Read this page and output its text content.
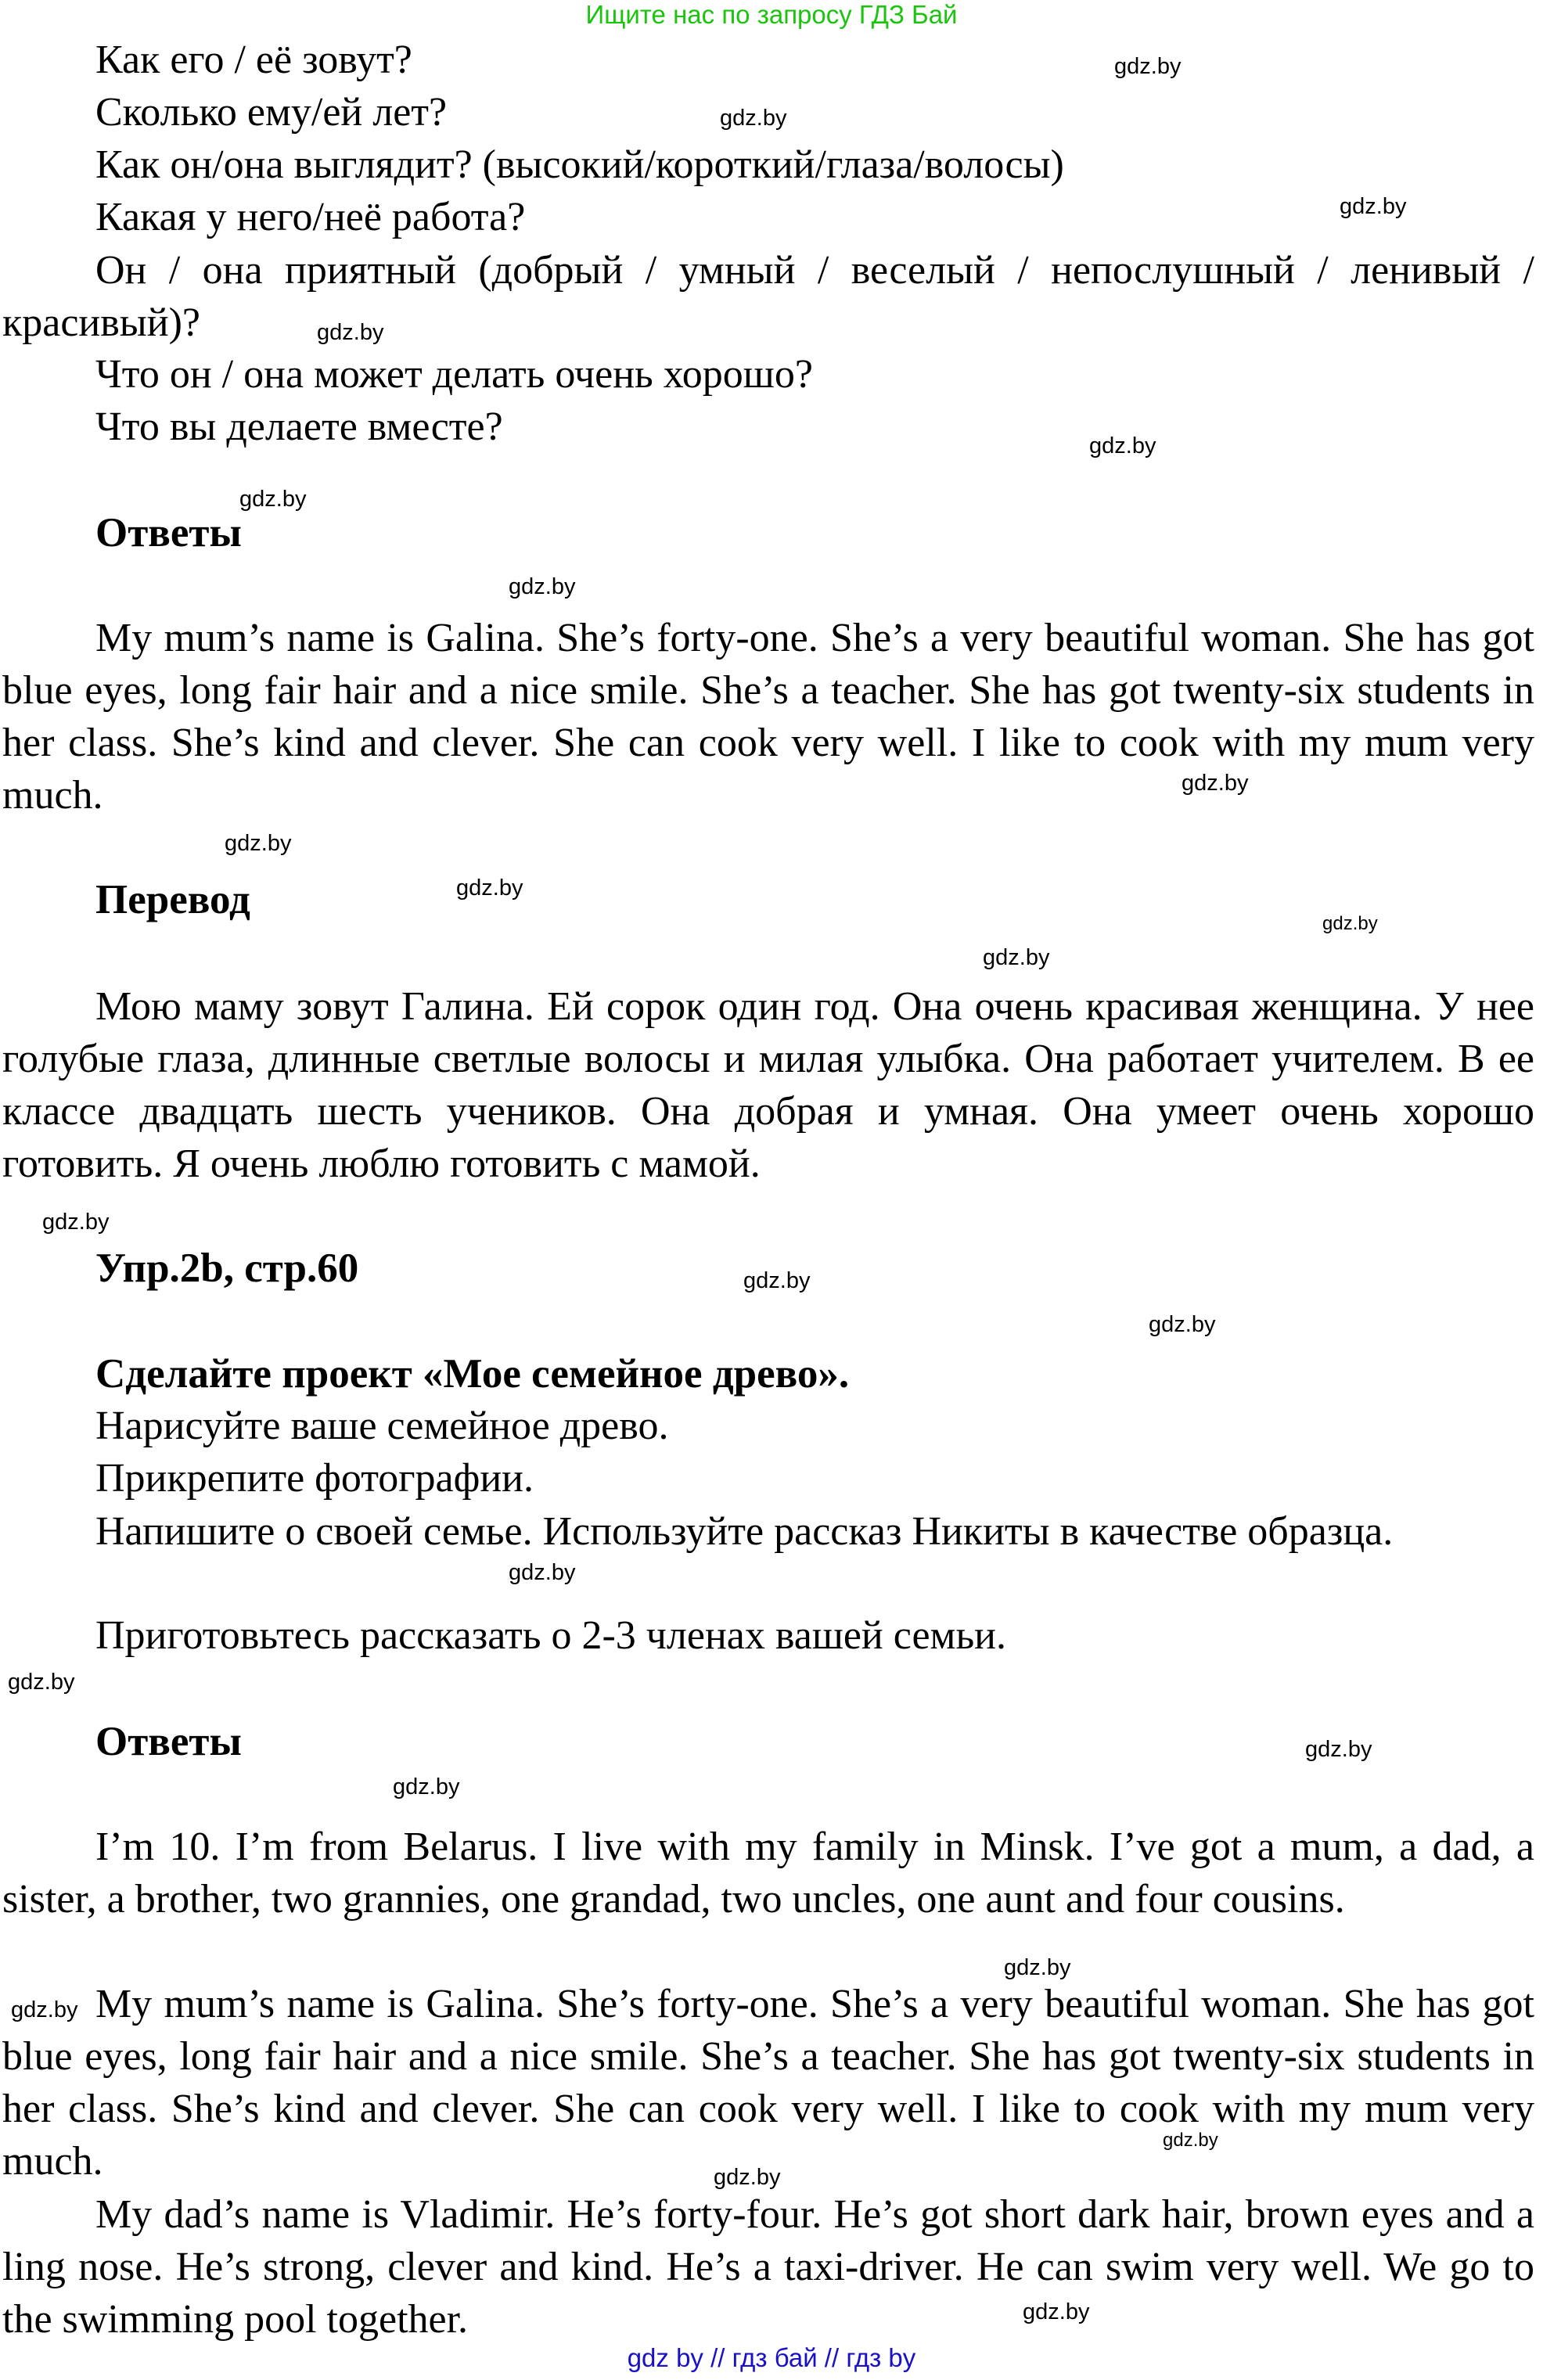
Ищите нас по запросу ГДЗ Бай
Как его / её зовут?
Сколько ему/ей лет?
Как он/она выглядит? (высокий/короткий/глаза/волосы)
Какая у него/неё работа?

Он / она приятный (добрый / умный / веселый / непослушный / ленивый / красивый)?

Что он / она может делать очень хорошо?
Что вы делаете вместе?
Ответы

My mum’s name is Galina. She’s forty-one. She’s a very beautiful woman. She has got blue eyes, long fair hair and a nice smile. She’s a teacher. She has got twenty-six students in her class. She’s kind and clever. She can cook very well. I like to cook with my mum very much.

Перевод

Мою маму зовут Галина. Ей сорок один год. Она очень красивая женщина. У нее голубые глаза, длинные светлые волосы и милая улыбка. Она работает учителем. В ее классе двадцать шесть учеников. Она добрая и умная. Она умеет очень хорошо готовить. Я очень люблю готовить с мамой.

Упр.2b, стр.60
Сделайте проект «Мое семейное древо».
Нарисуйте ваше семейное древо.
Прикрепите фотографии.

Напишите о своей семье. Используйте рассказ Никиты в качестве образца.

Приготовьтесь рассказать о 2-3 членах вашей семьи.
Ответы

I’m 10. I’m from Belarus. I live with my family in Minsk. I’ve got a mum, a dad, a sister, a brother, two grannies, one grandad, two uncles, one aunt and four cousins.

My mum’s name is Galina. She’s forty-one. She’s a very beautiful woman. She has got blue eyes, long fair hair and a nice smile. She’s a teacher. She has got twenty-six students in her class. She’s kind and clever. She can cook very well. I like to cook with my mum very much.

My dad’s name is Vladimir. He’s forty-four. He’s got short dark hair, brown eyes and a ling nose. He’s strong, clever and kind. He’s a taxi-driver. He can swim very well. We go to the swimming pool together.

gdz.by
gdz.by
gdz.by
gdz.by
gdz.by
gdz.by
gdz.by
gdz.by
gdz.by
gdz.by
gdz.by
gdz.by
gdz.by
gdz.by
gdz.by
gdz.by
gdz.by
gdz.by
gdz.by
gdz.by
gdz.by
gdz.by
gdz.by
gdz.by
gdz by // гдз бай // гдз by
